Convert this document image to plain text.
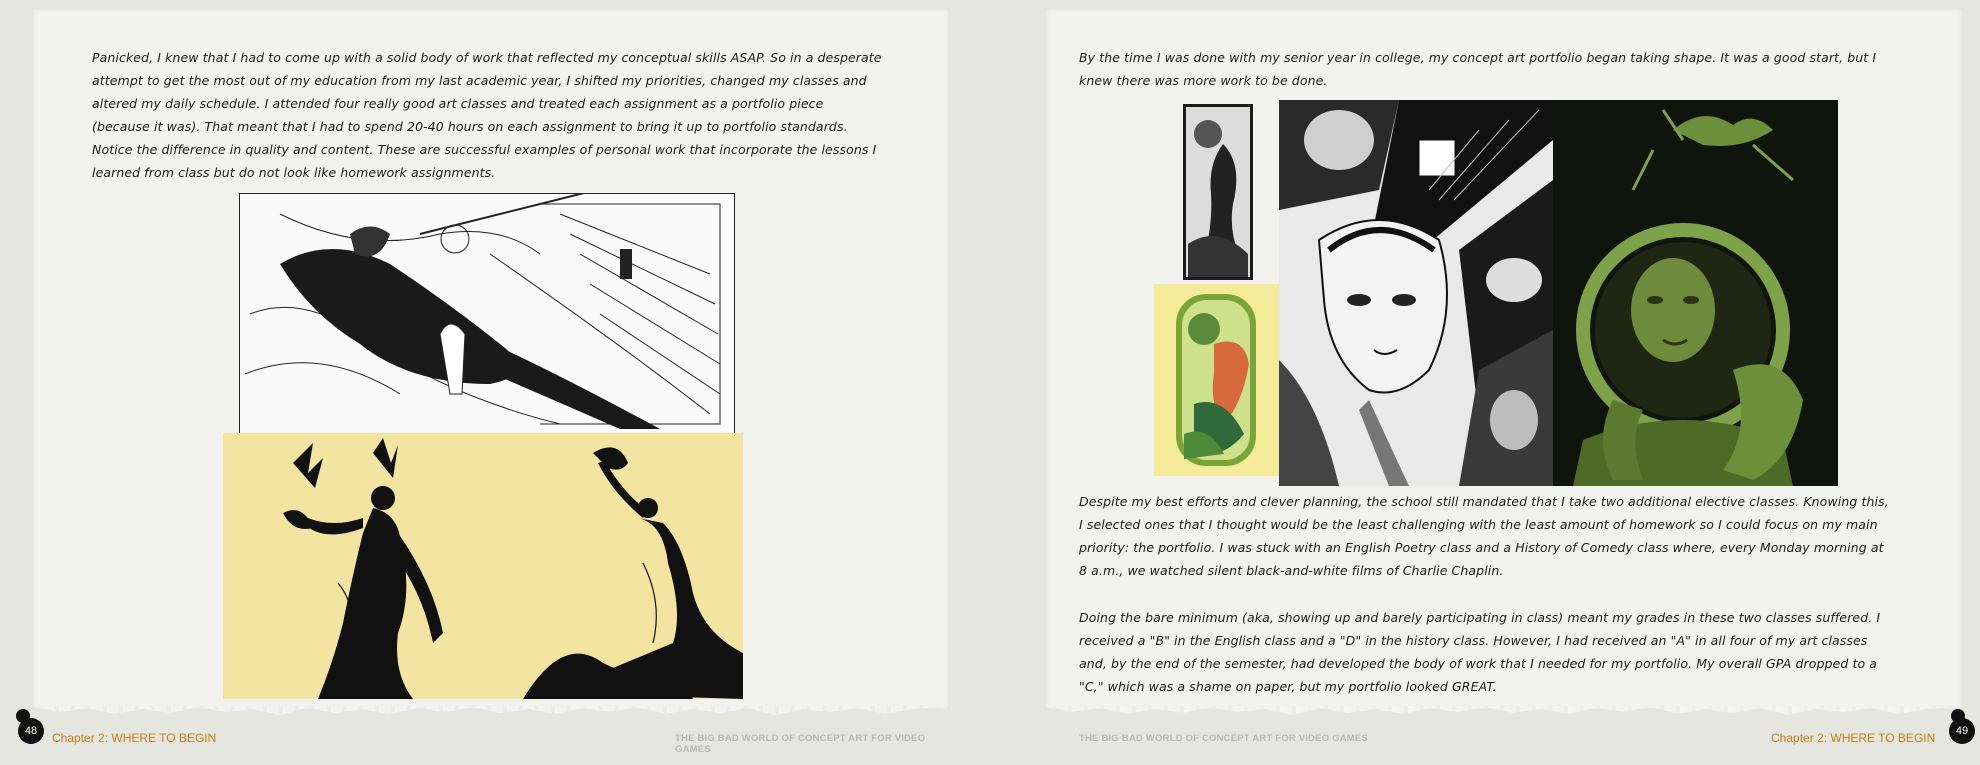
Panicked, I knew that I had to come up with a solid body of work that reflected my conceptual skills ASAP. So in a desperate attempt to get the most out of my education from my last academic year, I shifted my priorities, changed my classes and altered my daily schedule. I attended four really good art classes and treated each assignment as a portfolio piece (because it was). That meant that I had to spend 20-40 hours on each assignment to bring it up to portfolio standards. Notice the difference in quality and content. These are successful examples of personal work that incorporate the lessons I learned from class but do not look like homework assignments.

48	Chapter 2: WHERE TO BEGIN	THE BIG BAD WORLD OF CONCEPT ART FOR VIDEO GAMES

By the time I was done with my senior year in college, my concept art portfolio began taking shape. It was a good start, but I knew there was more work to be done.

Despite my best efforts and clever planning, the school still mandated that I take two additional elective classes. Knowing this, I selected ones that I thought would be the least challenging with the least amount of homework so I could focus on my main priority: the portfolio. I was stuck with an English Poetry class and a History of Comedy class where, every Monday morning at 8 a.m., we watched silent black-and-white films of Charlie Chaplin.

Doing the bare minimum (aka, showing up and barely participating in class) meant my grades in these two classes suffered. I received a "B" in the English class and a "D" in the history class. However, I had received an "A" in all four of my art classes and, by the end of the semester, had developed the body of work that I needed for my portfolio. My overall GPA dropped to a "C," which was a shame on paper, but my portfolio looked GREAT.

THE BIG BAD WORLD OF CONCEPT ART FOR VIDEO GAMES	Chapter 2: WHERE TO BEGIN	49
